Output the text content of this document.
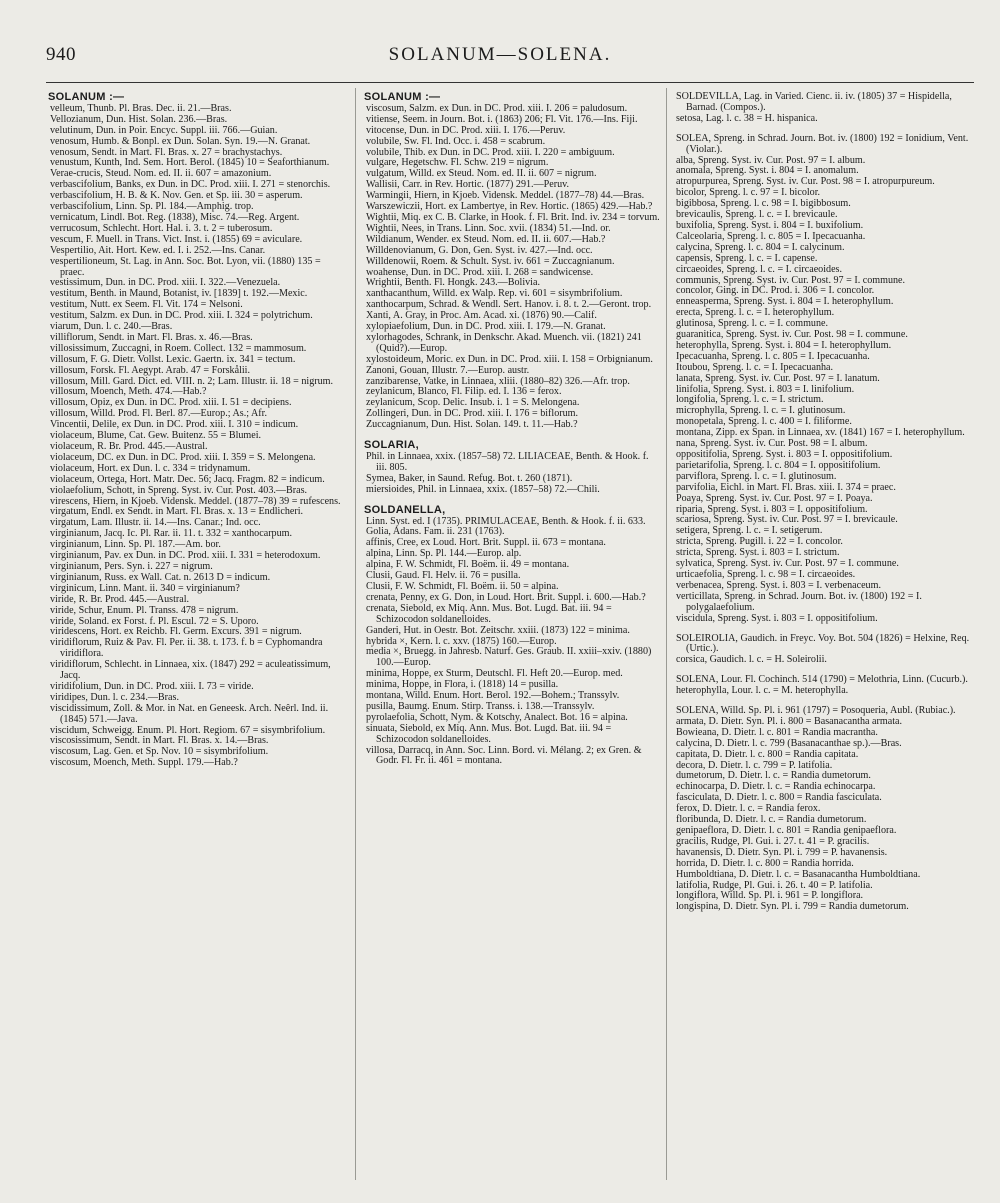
940	SOLANUM—SOLENA.
SOLANUM :—
velleum, Thunb. Pl. Bras. Dec. ii. 21.—Bras.
Vellozianum, Dun. Hist. Solan. 236.—Bras.
velutinum, Dun. in Poir. Encyc. Suppl. iii. 766.—Guian.
venosum, Humb. & Bonpl. ex Dun. Solan. Syn. 19.—N. Granat.
venosum, Sendt. in Mart. Fl. Bras. x. 27 = brachystachys.
venustum, Kunth, Ind. Sem. Hort. Berol. (1845) 10 = Seaforthianum.
Verae-crucis, Steud. Nom. ed. II. ii. 607 = amazonium.
verbascifolium, Banks, ex Dun. in DC. Prod. xiii. I. 271 = stenorchis.
verbascifolium, H. B. & K. Nov. Gen. et Sp. iii. 30 = asperum.
verbascifolium, Linn. Sp. Pl. 184.—Amphig. trop.
vernicatum, Lindl. Bot. Reg. (1838), Misc. 74.—Reg. Argent.
verrucosum, Schlecht. Hort. Hal. i. 3. t. 2 = tuberosum.
vescum, F. Muell. in Trans. Vict. Inst. i. (1855) 69 = aviculare.
Vespertilio, Ait. Hort. Kew. ed. I. i. 252.—Ins. Canar.
vespertilioneum, St. Lag. in Ann. Soc. Bot. Lyon, vii. (1880) 135 = praec.
vestissimum, Dun. in DC. Prod. xiii. I. 322.—Venezuela.
vestitum, Benth. in Maund, Botanist, iv. [1839] t. 192.—Mexic.
vestitum, Nutt. ex Seem. Fl. Vit. 174 = Nelsoni.
vestitum, Salzm. ex Dun. in DC. Prod. xiii. I. 324 = polytrichum.
viarum, Dun. l. c. 240.—Bras.
villiflorum, Sendt. in Mart. Fl. Bras. x. 46.—Bras.
villosissimum, Zuccagni, in Roem. Collect. 132 = mammosum.
villosum, F. G. Dietr. Vollst. Lexic. Gaertn. ix. 341 = tectum.
villosum, Forsk. Fl. Aegypt. Arab. 47 = Forskålii.
villosum, Mill. Gard. Dict. ed. VIII. n. 2; Lam. Illustr. ii. 18 = nigrum.
villosum, Moench, Meth. 474.—Hab.?
villosum, Opiz, ex Dun. in DC. Prod. xiii. I. 51 = decipiens.
villosum, Willd. Prod. Fl. Berl. 87.—Europ.; As.; Afr.
Vincentii, Delile, ex Dun. in DC. Prod. xiii. I. 310 = indicum.
violaceum, Blume, Cat. Gew. Buitenz. 55 = Blumei.
violaceum, R. Br. Prod. 445.—Austral.
violaceum, DC. ex Dun. in DC. Prod. xiii. I. 359 = S. Melongena.
violaceum, Hort. ex Dun. l. c. 334 = tridynamum.
violaceum, Ortega, Hort. Matr. Dec. 56; Jacq. Fragm. 82 = indicum.
violaefolium, Schott, in Spreng. Syst. iv. Cur. Post. 403.—Bras.
virescens, Hiern, in Kjoeb. Vidensk. Meddel. (1877–78) 39 = rufescens.
virgatum, Endl. ex Sendt. in Mart. Fl. Bras. x. 13 = Endlicheri.
virgatum, Lam. Illustr. ii. 14.—Ins. Canar.; Ind. occ.
virginianum, Jacq. Ic. Pl. Rar. ii. 11. t. 332 = xanthocarpum.
virginianum, Linn. Sp. Pl. 187.—Am. bor.
virginianum, Pav. ex Dun. in DC. Prod. xiii. I. 331 = heterodoxum.
virginianum, Pers. Syn. i. 227 = nigrum.
virginianum, Russ. ex Wall. Cat. n. 2613 D = indicum.
virginicum, Linn. Mant. ii. 340 = virginianum?
viride, R. Br. Prod. 445.—Austral.
viride, Schur, Enum. Pl. Transs. 478 = nigrum.
viride, Soland. ex Forst. f. Pl. Escul. 72 = S. Uporo.
viridescens, Hort. ex Reichb. Fl. Germ. Excurs. 391 = nigrum.
viridiflorum, Ruiz & Pav. Fl. Per. ii. 38. t. 173. f. b = Cyphomandra viridiflora.
viridiflorum, Schlecht. in Linnaea, xix. (1847) 292 = aculeatissimum, Jacq.
viridifolium, Dun. in DC. Prod. xiii. I. 73 = viride.
viridipes, Dun. l. c. 234.—Bras.
viscidissimum, Zoll. & Mor. in Nat. en Geneesk. Arch. Neêrl. Ind. ii. (1845) 571.—Java.
viscidum, Schweigg. Enum. Pl. Hort. Regiom. 67 = sisymbrifolium.
viscosissimum, Sendt. in Mart. Fl. Bras. x. 14.—Bras.
viscosum, Lag. Gen. et Sp. Nov. 10 = sisymbrifolium.
viscosum, Moench, Meth. Suppl. 179.—Hab.?
SOLANUM :—
viscosum, Salzm. ex Dun. in DC. Prod. xiii. I. 206 = paludosum.
vitiense, Seem. in Journ. Bot. i. (1863) 206; Fl. Vit. 176.—Ins. Fiji.
vitocense, Dun. in DC. Prod. xiii. I. 176.—Peruv.
volubile, Sw. Fl. Ind. Occ. i. 458 = scabrum.
volubile, Thib. ex Dun. in DC. Prod. xiii. I. 220 = ambiguum.
vulgare, Hegetschw. Fl. Schw. 219 = nigrum.
vulgatum, Willd. ex Steud. Nom. ed. II. ii. 607 = nigrum.
Wallisii, Carr. in Rev. Hortic. (1877) 291.—Peruv.
Warmingii, Hiern, in Kjoeb. Vidensk. Meddel. (1877–78) 44.—Bras.
Warszewiczii, Hort. ex Lambertye, in Rev. Hortic. (1865) 429.—Hab.?
Wightii, Miq. ex C. B. Clarke, in Hook. f. Fl. Brit. Ind. iv. 234 = torvum.
Wightii, Nees, in Trans. Linn. Soc. xvii. (1834) 51.—Ind. or.
Wildianum, Wender. ex Steud. Nom. ed. II. ii. 607.—Hab.?
Willdenovianum, G. Don, Gen. Syst. iv. 427.—Ind. occ.
Willdenowii, Roem. & Schult. Syst. iv. 661 = Zuccagnianum.
woahense, Dun. in DC. Prod. xiii. I. 268 = sandwicense.
Wrightii, Benth. Fl. Hongk. 243.—Bolivia.
xanthacanthum, Willd. ex Walp. Rep. vi. 601 = sisymbrifolium.
xanthocarpum, Schrad. & Wendl. Sert. Hanov. i. 8. t. 2.—Geront. trop.
Xanti, A. Gray, in Proc. Am. Acad. xi. (1876) 90.—Calif.
xylopiaefolium, Dun. in DC. Prod. xiii. I. 179.—N. Granat.
xylorhagodes, Schrank, in Denkschr. Akad. Muench. vii. (1821) 241 (Quid?).—Europ.
xylostoideum, Moric. ex Dun. in DC. Prod. xiii. I. 158 = Orbignianum.
Zanoni, Gouan, Illustr. 7.—Europ. austr.
zanzibarense, Vatke, in Linnaea, xliii. (1880–82) 326.—Afr. trop.
zeylanicum, Blanco, Fl. Filip. ed. I. 136 = ferox.
zeylanicum, Scop. Delic. Insub. i. 1 = S. Melongena.
Zollingeri, Dun. in DC. Prod. xiii. I. 176 = biflorum.
Zuccagnianum, Dun. Hist. Solan. 149. t. 11.—Hab.?
SOLARIA,
Phil. in Linnaea, xxix. (1857–58) 72. LILIACEAE, Benth. & Hook. f. iii. 805.
Symea, Baker, in Saund. Refug. Bot. t. 260 (1871).
miersioides, Phil. in Linnaea, xxix. (1857–58) 72.—Chili.
SOLDANELLA,
Linn. Syst. ed. I (1735). PRIMULACEAE, Benth. & Hook. f. ii. 633.
Golia, Adans. Fam. ii. 231 (1763).
affinis, Cree, ex Loud. Hort. Brit. Suppl. ii. 673 = montana.
alpina, Linn. Sp. Pl. 144.—Europ. alp.
alpina, F. W. Schmidt, Fl. Boëm. ii. 49 = montana.
Clusii, Gaud. Fl. Helv. ii. 76 = pusilla.
Clusii, F. W. Schmidt, Fl. Boëm. ii. 50 = alpina.
crenata, Penny, ex G. Don, in Loud. Hort. Brit. Suppl. i. 600.—Hab.?
crenata, Siebold, ex Miq. Ann. Mus. Bot. Lugd. Bat. iii. 94 = Schizocodon soldanelloides.
Ganderi, Hut. in Oestr. Bot. Zeitschr. xxiii. (1873) 122 = minima.
hybrida ×, Kern. l. c. xxv. (1875) 160.—Europ.
media ×, Bruegg. in Jahresb. Naturf. Ges. Graub. II. xxiii–xxiv. (1880) 100.—Europ.
minima, Hoppe, ex Sturm, Deutschl. Fl. Heft 20.—Europ. med.
minima, Hoppe, in Flora, i. (1818) 14 = pusilla.
montana, Willd. Enum. Hort. Berol. 192.—Bohem.; Transsylv.
pusilla, Baumg. Enum. Stirp. Transs. i. 138.—Transsylv.
pyrolaefolia, Schott, Nym. & Kotschy, Analect. Bot. 16 = alpina.
sinuata, Siebold, ex Miq. Ann. Mus. Bot. Lugd. Bat. iii. 94 = Schizocodon soldanelloides.
villosa, Darracq, in Ann. Soc. Linn. Bord. vi. Mélang. 2; ex Gren. & Godr. Fl. Fr. ii. 461 = montana.
SOLDEVILLA, Lag. in Varied. Cienc. ii. iv. (1805) 37 = Hispidella, Barnad. (Compos.).
setosa, Lag. l. c. 38 = H. hispanica.
SOLEA, Spreng. in Schrad. Journ. Bot. iv. (1800) 192 = Ionidium, Vent. (Violar.).
alba, Spreng. Syst. iv. Cur. Post. 97 = I. album.
anomala, Spreng. Syst. i. 804 = I. anomalum.
atropurpurea, Spreng. Syst. iv. Cur. Post. 98 = I. atropurpureum.
bicolor, Spreng. l. c. 97 = I. bicolor.
bigibbosa, Spreng. l. c. 98 = I. bigibbosum.
brevicaulis, Spreng. l. c. = I. brevicaule.
buxifolia, Spreng. Syst. i. 804 = I. buxifolium.
Calceolaria, Spreng. l. c. 805 = I. Ipecacuanha.
calycina, Spreng. l. c. 804 = I. calycinum.
capensis, Spreng. l. c. = I. capense.
circaeoides, Spreng. l. c. = I. circaeoides.
communis, Spreng. Syst. iv. Cur. Post. 97 = I. commune.
concolor, Ging. in DC. Prod. i. 306 = I. concolor.
enneasperma, Spreng. Syst. i. 804 = I. heterophyllum.
erecta, Spreng. l. c. = I. heterophyllum.
glutinosa, Spreng. l. c. = I. commune.
guaranitica, Spreng. Syst. iv. Cur. Post. 98 = I. commune.
heterophylla, Spreng. Syst. i. 804 = I. heterophyllum.
Ipecacuanha, Spreng. l. c. 805 = I. Ipecacuanha.
Itoubou, Spreng. l. c. = I. Ipecacuanha.
lanata, Spreng. Syst. iv. Cur. Post. 97 = I. lanatum.
linifolia, Spreng. Syst. i. 803 = I. linifolium.
longifolia, Spreng. l. c. = I. strictum.
microphylla, Spreng. l. c. = I. glutinosum.
monopetala, Spreng. l. c. 400 = I. filiforme.
montana, Zipp. ex Span. in Linnaea, xv. (1841) 167 = I. heterophyllum.
nana, Spreng. Syst. iv. Cur. Post. 98 = I. album.
oppositifolia, Spreng. Syst. i. 803 = I. oppositifolium.
parietarifolia, Spreng. l. c. 804 = I. oppositifolium.
parviflora, Spreng. l. c. = I. glutinosum.
parvifolia, Eichl. in Mart. Fl. Bras. xiii. I. 374 = praec.
Poaya, Spreng. Syst. iv. Cur. Post. 97 = I. Poaya.
riparia, Spreng. Syst. i. 803 = I. oppositifolium.
scariosa, Spreng. Syst. iv. Cur. Post. 97 = I. brevicaule.
setigera, Spreng. l. c. = I. setigerum.
stricta, Spreng. Pugill. i. 22 = I. concolor.
stricta, Spreng. Syst. i. 803 = I. strictum.
sylvatica, Spreng. Syst. iv. Cur. Post. 97 = I. commune.
urticaefolia, Spreng. l. c. 98 = I. circaeoides.
verbenacea, Spreng. Syst. i. 803 = I. verbenaceum.
verticillata, Spreng. in Schrad. Journ. Bot. iv. (1800) 192 = I. polygalaefolium.
viscidula, Spreng. Syst. i. 803 = I. oppositifolium.
SOLEIROLIA, Gaudich. in Freyc. Voy. Bot. 504 (1826) = Helxine, Req. (Urtic.).
corsica, Gaudich. l. c. = H. Soleirolii.
SOLENA, Lour. Fl. Cochinch. 514 (1790) = Melothria, Linn. (Cucurb.).
heterophylla, Lour. l. c. = M. heterophylla.
SOLENA, Willd. Sp. Pl. i. 961 (1797) = Posoqueria, Aubl. (Rubiac.).
armata, D. Dietr. Syn. Pl. i. 800 = Basanacantha armata.
Bowieana, D. Dietr. l. c. 801 = Randia macrantha.
calycina, D. Dietr. l. c. 799 (Basanacanthae sp.).—Bras.
capitata, D. Dietr. l. c. 800 = Randia capitata.
decora, D. Dietr. l. c. 799 = P. latifolia.
dumetorum, D. Dietr. l. c. = Randia dumetorum.
echinocarpa, D. Dietr. l. c. = Randia echinocarpa.
fasciculata, D. Dietr. l. c. 800 = Randia fasciculata.
ferox, D. Dietr. l. c. = Randia ferox.
floribunda, D. Dietr. l. c. = Randia dumetorum.
genipaeflora, D. Dietr. l. c. 801 = Randia genipaeflora.
gracilis, Rudge, Pl. Gui. i. 27. t. 41 = P. gracilis.
havanensis, D. Dietr. Syn. Pl. i. 799 = P. havanensis.
horrida, D. Dietr. l. c. 800 = Randia horrida.
Humboldtiana, D. Dietr. l. c. = Basanacantha Humboldtiana.
latifolia, Rudge, Pl. Gui. i. 26. t. 40 = P. latifolia.
longiflora, Willd. Sp. Pl. i. 961 = P. longiflora.
longispina, D. Dietr. Syn. Pl. i. 799 = Randia dumetorum.
